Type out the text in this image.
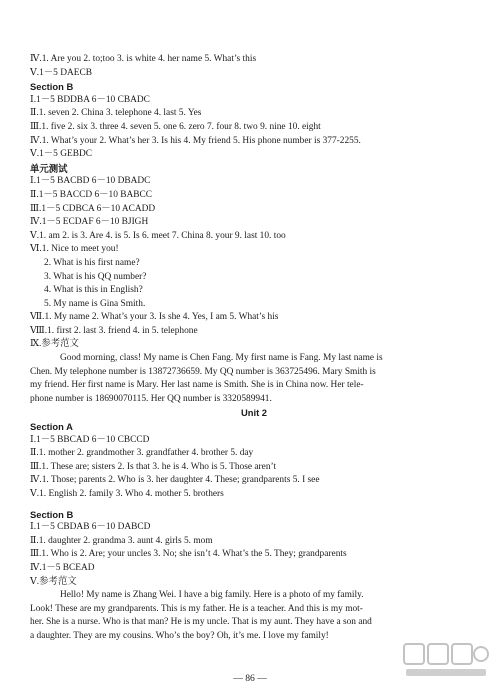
Ⅳ.1. Are you 2. to;too 3. is white 4. her name 5. What’s this
Ⅴ.1－5 DAECB
Section B
Ⅰ.1－5 BDDBA 6－10 CBADC
Ⅱ.1. seven 2. China 3. telephone 4. last 5. Yes
Ⅲ.1. five 2. six 3. three 4. seven 5. one 6. zero 7. four 8. two 9. nine 10. eight
Ⅳ.1. What’s your 2. What’s her 3. Is his 4. My friend 5. His phone number is 377-2255.
Ⅴ.1－5 GEBDC
单元测试
Ⅰ.1－5 BACBD 6－10 DBADC
Ⅱ.1－5 BACCD 6－10 BABCC
Ⅲ.1－5 CDBCA 6－10 ACADD
Ⅳ.1－5 ECDAF 6－10 BJIGH
Ⅴ.1. am 2. is 3. Are 4. is 5. Is 6. meet 7. China 8. your 9. last 10. too
Ⅵ.1. Nice to meet you!
2. What is his first name?
3. What is his QQ number?
4. What is this in English?
5. My name is Gina Smith.
Ⅶ.1. My name 2. What’s your 3. Is she 4. Yes, I am 5. What’s his
Ⅷ.1. first 2. last 3. friend 4. in 5. telephone
Ⅸ.参考范文
Good morning, class! My name is Chen Fang. My first name is Fang. My last name is
Chen. My telephone number is 13872736659. My QQ number is 363725496. Mary Smith is
my friend. Her first name is Mary. Her last name is Smith. She is in China now. Her tele-
phone number is 18690070115. Her QQ number is 3320589941.
Unit 2
Section A
Ⅰ.1－5 BBCAD 6－10 CBCCD
Ⅱ.1. mother 2. grandmother 3. grandfather 4. brother 5. day
Ⅲ.1. These are; sisters 2. Is that 3. he is 4. Who is 5. Those aren’t
Ⅳ.1. Those; parents 2. Who is 3. her daughter 4. These; grandparents 5. I see
Ⅴ.1. English 2. family 3. Who 4. mother 5. brothers
Section B
Ⅰ.1－5 CBDAB 6－10 DABCD
Ⅱ.1. daughter 2. grandma 3. aunt 4. girls 5. mom
Ⅲ.1. Who is 2. Are; your uncles 3. No; she isn’t 4. What’s the 5. They; grandparents
Ⅳ.1－5 BCEAD
Ⅴ.参考范文
Hello! My name is Zhang Wei. I have a big family. Here is a photo of my family.
Look! These are my grandparents. This is my father. He is a teacher. And this is my mot-
her. She is a nurse. Who is that man? He is my uncle. That is my aunt. They have a son and
a daughter. They are my cousins. Who’s the boy? Oh, it’s me. I love my family!
— 86 —
